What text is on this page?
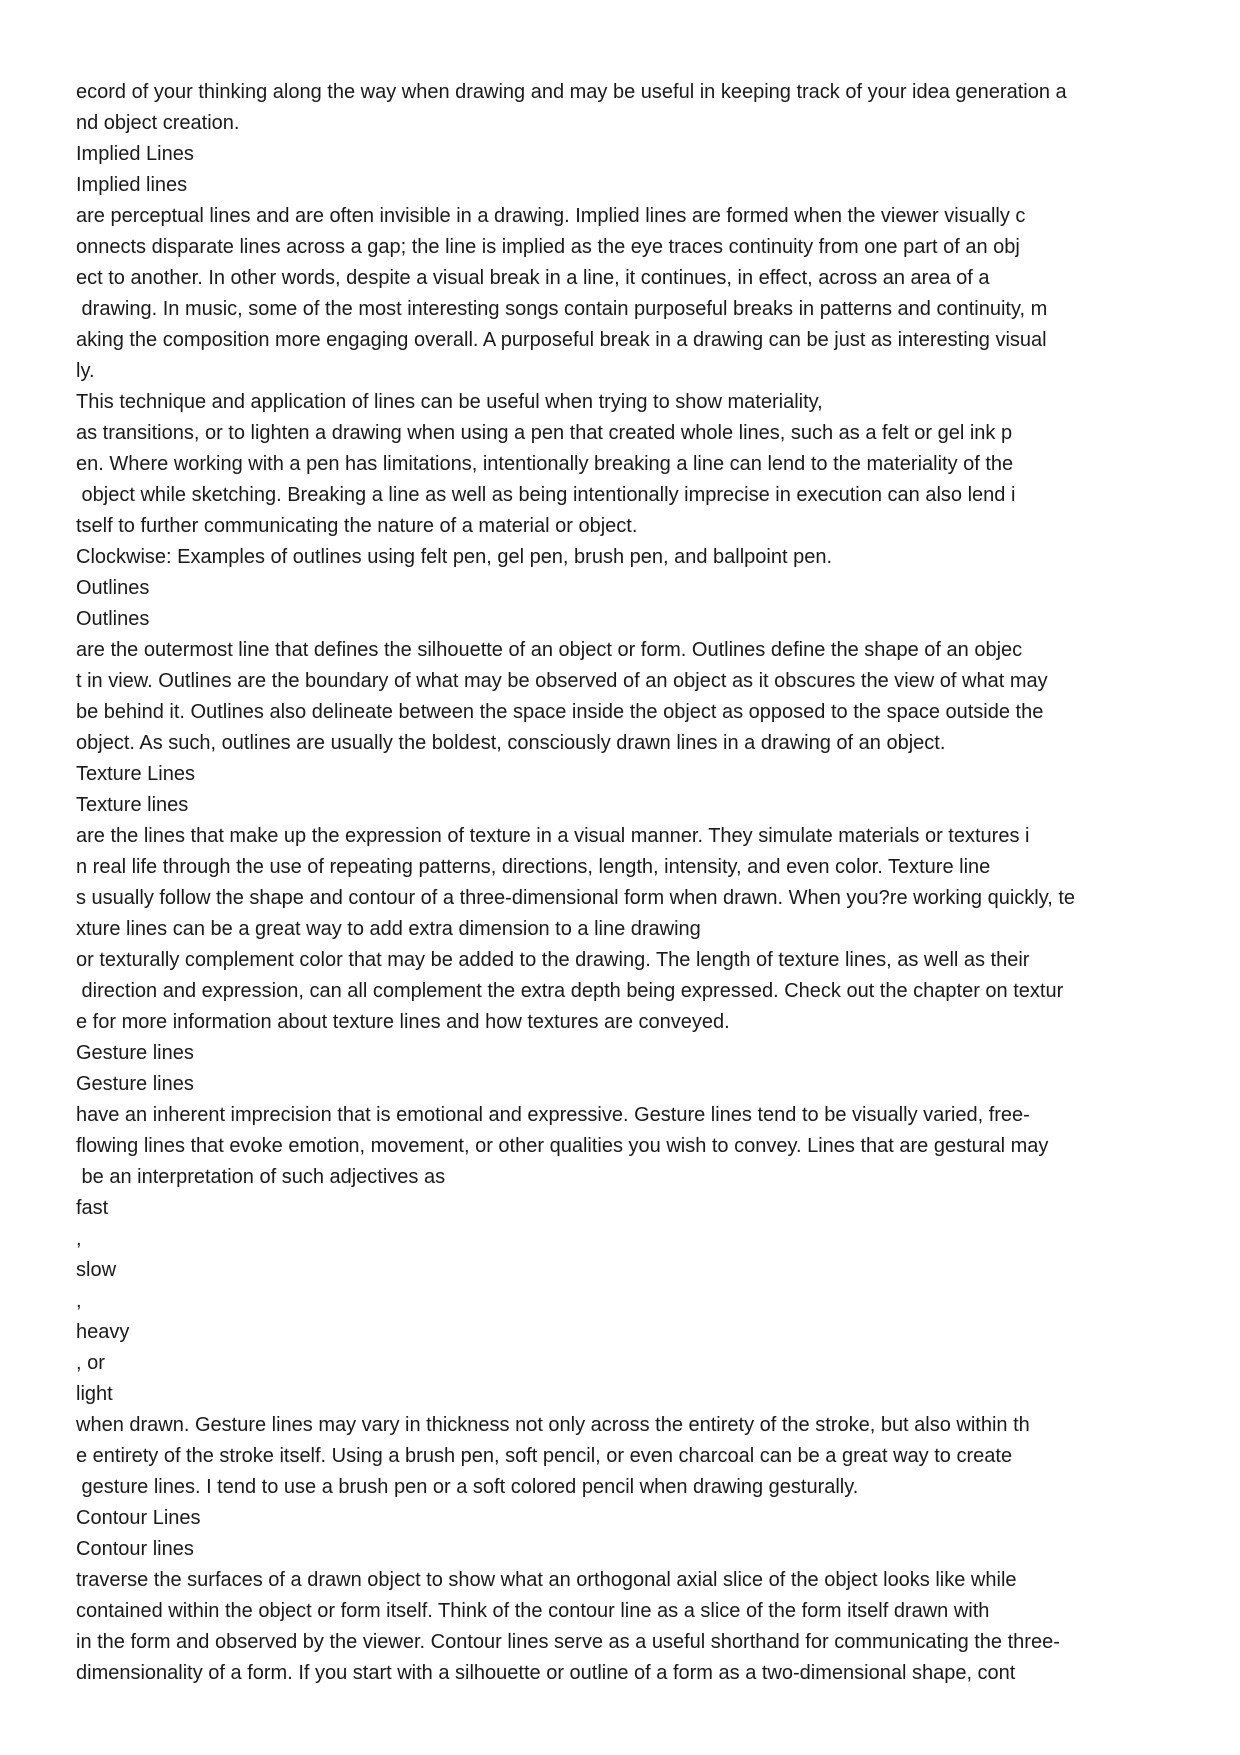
ecord of your thinking along the way when drawing and may be useful in keeping track of your idea generation a
nd object creation.
Implied Lines
Implied lines
are perceptual lines and are often invisible in a drawing. Implied lines are formed when the viewer visually c
onnects disparate lines across a gap; the line is implied as the eye traces continuity from one part of an obj
ect to another. In other words, despite a visual break in a line, it continues, in effect, across an area of a
drawing. In music, some of the most interesting songs contain purposeful breaks in patterns and continuity, m
aking the composition more engaging overall. A purposeful break in a drawing can be just as interesting visual
ly.
This technique and application of lines can be useful when trying to show materiality,
as transitions, or to lighten a drawing when using a pen that created whole lines, such as a felt or gel ink p
en. Where working with a pen has limitations, intentionally breaking a line can lend to the materiality of the
object while sketching. Breaking a line as well as being intentionally imprecise in execution can also lend i
tself to further communicating the nature of a material or object.
Clockwise: Examples of outlines using felt pen, gel pen, brush pen, and ballpoint pen.
Outlines
Outlines
are the outermost line that defines the silhouette of an object or form. Outlines define the shape of an objec
t in view. Outlines are the boundary of what may be observed of an object as it obscures the view of what may
be behind it. Outlines also delineate between the space inside the object as opposed to the space outside the
object. As such, outlines are usually the boldest, consciously drawn lines in a drawing of an object.
Texture Lines
Texture lines
are the lines that make up the expression of texture in a visual manner. They simulate materials or textures i
n real life through the use of repeating patterns, directions, length, intensity, and even color. Texture line
s usually follow the shape and contour of a three-dimensional form when drawn. When you?re working quickly, te
xture lines can be a great way to add extra dimension to a line drawing
or texturally complement color that may be added to the drawing. The length of texture lines, as well as their
direction and expression, can all complement the extra depth being expressed. Check out the chapter on textur
e for more information about texture lines and how textures are conveyed.
Gesture lines
Gesture lines
have an inherent imprecision that is emotional and expressive. Gesture lines tend to be visually varied, free-
flowing lines that evoke emotion, movement, or other qualities you wish to convey. Lines that are gestural may
be an interpretation of such adjectives as
fast
,
slow
,
heavy
, or
light
when drawn. Gesture lines may vary in thickness not only across the entirety of the stroke, but also within th
e entirety of the stroke itself. Using a brush pen, soft pencil, or even charcoal can be a great way to create
gesture lines. I tend to use a brush pen or a soft colored pencil when drawing gesturally.
Contour Lines
Contour lines
traverse the surfaces of a drawn object to show what an orthogonal axial slice of the object looks like while
contained within the object or form itself. Think of the contour line as a slice of the form itself drawn with
in the form and observed by the viewer. Contour lines serve as a useful shorthand for communicating the three-
dimensionality of a form. If you start with a silhouette or outline of a form as a two-dimensional shape, cont
